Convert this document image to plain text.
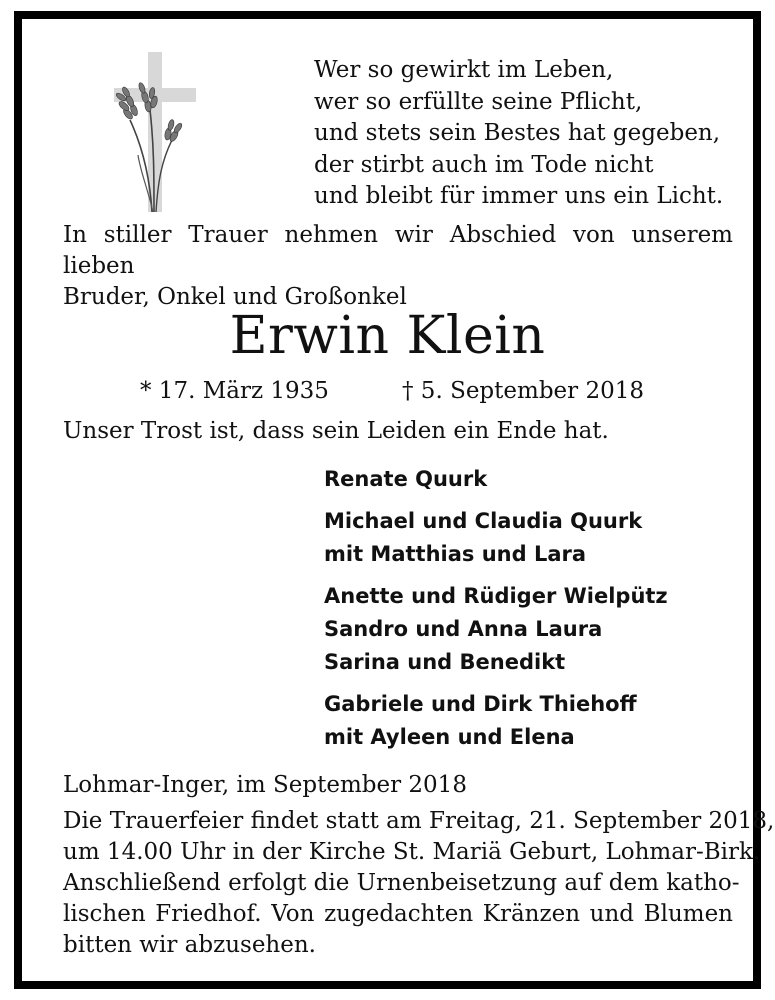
Wer so gewirkt im Leben,
wer so erfüllte seine Pflicht,
und stets sein Bestes hat gegeben,
der stirbt auch im Tode nicht
und bleibt für immer uns ein Licht.
In stiller Trauer nehmen wir Abschied von unserem lieben
Bruder, Onkel und Großonkel
Erwin Klein
* 17. März 1935	† 5. September 2018
Unser Trost ist, dass sein Leiden ein Ende hat.
Renate Quurk
Michael und Claudia Quurk
mit Matthias und Lara
Anette und Rüdiger Wielpütz
Sandro und Anna Laura
Sarina und Benedikt
Gabriele und Dirk Thiehoff
mit Ayleen und Elena
Lohmar-Inger, im September 2018
Die Trauerfeier findet statt am Freitag, 21. September 2018,
um 14.00 Uhr in der Kirche St. Mariä Geburt, Lohmar-Birk.
Anschließend erfolgt die Urnenbeisetzung auf dem katho-
lischen Friedhof. Von zugedachten Kränzen und Blumen
bitten wir abzusehen.
